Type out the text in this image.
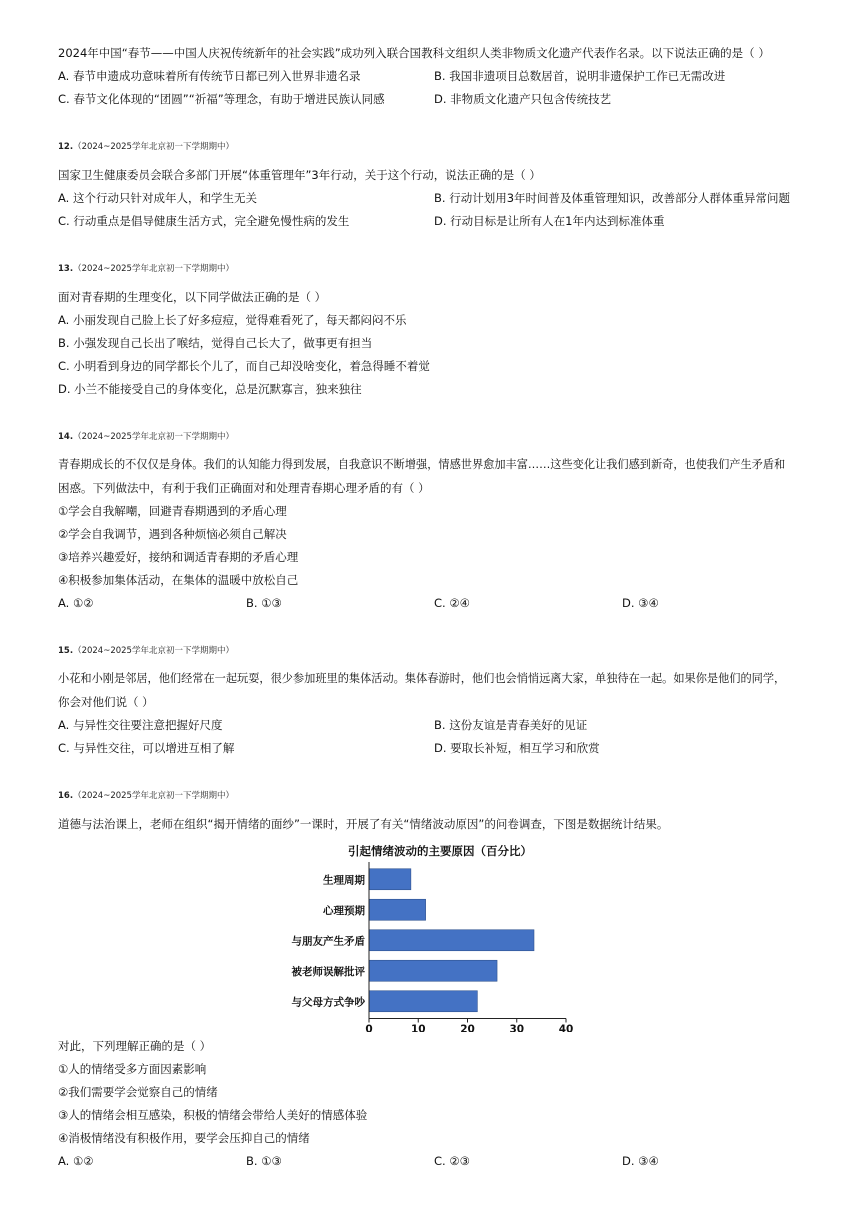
2024年中国“春节——中国人庆祝传统新年的社会实践”成功列入联合国教科文组织人类非物质文化遗产代表作名录。以下说法正确的是（ ）
A. 春节申遗成功意味着所有传统节日都已列入世界非遗名录	B. 我国非遗项目总数居首，说明非遗保护工作已无需改进
C. 春节文化体现的“团圆”“祈福”等理念，有助于增进民族认同感	D. 非物质文化遗产只包含传统技艺
12.（2024~2025学年北京初一下学期期中）
国家卫生健康委员会联合多部门开展“体重管理年”3年行动，关于这个行动，说法正确的是（ ）
A. 这个行动只针对成年人，和学生无关	B. 行动计划用3年时间普及体重管理知识，改善部分人群体重异常问题
C. 行动重点是倡导健康生活方式，完全避免慢性病的发生	D. 行动目标是让所有人在1年内达到标准体重
13.（2024~2025学年北京初一下学期期中）
面对青春期的生理变化，以下同学做法正确的是（ ）
A. 小丽发现自己脸上长了好多痘痘，觉得难看死了，每天都闷闷不乐
B. 小强发现自己长出了喉结，觉得自己长大了，做事更有担当
C. 小明看到身边的同学都长个儿了，而自己却没啥变化，着急得睡不着觉
D. 小兰不能接受自己的身体变化，总是沉默寡言，独来独往
14.（2024~2025学年北京初一下学期期中）
青春期成长的不仅仅是身体。我们的认知能力得到发展，自我意识不断增强，情感世界愈加丰富……这些变化让我们感到新奇，也使我们产生矛盾和
困惑。下列做法中，有利于我们正确面对和处理青春期心理矛盾的有（ ）
①学会自我解嘲，回避青春期遇到的矛盾心理
②学会自我调节，遇到各种烦恼必须自己解决
③培养兴趣爱好，接纳和调适青春期的矛盾心理
④积极参加集体活动，在集体的温暖中放松自己
A. ①②	B. ①③	C. ②④	D. ③④
15.（2024~2025学年北京初一下学期期中）
小花和小刚是邻居，他们经常在一起玩耍，很少参加班里的集体活动。集体春游时，他们也会悄悄远离大家，单独待在一起。如果你是他们的同学，
你会对他们说（ ）
A. 与异性交往要注意把握好尺度	B. 这份友谊是青春美好的见证
C. 与异性交往，可以增进互相了解	D. 要取长补短，相互学习和欣赏
16.（2024~2025学年北京初一下学期期中）
道德与法治课上，老师在组织“揭开情绪的面纱”一课时，开展了有关“情绪波动原因”的问卷调查，下图是数据统计结果。
引起情绪波动的主要原因（百分比）
生理周期
心理预期
与朋友产生矛盾
被老师误解批评
与父母方式争吵
0	10	20	30	40
对此，下列理解正确的是（ ）
①人的情绪受多方面因素影响
②我们需要学会觉察自己的情绪
③人的情绪会相互感染，积极的情绪会带给人美好的情感体验
④消极情绪没有积极作用，要学会压抑自己的情绪
A. ①②	B. ①③	C. ②③	D. ③④
